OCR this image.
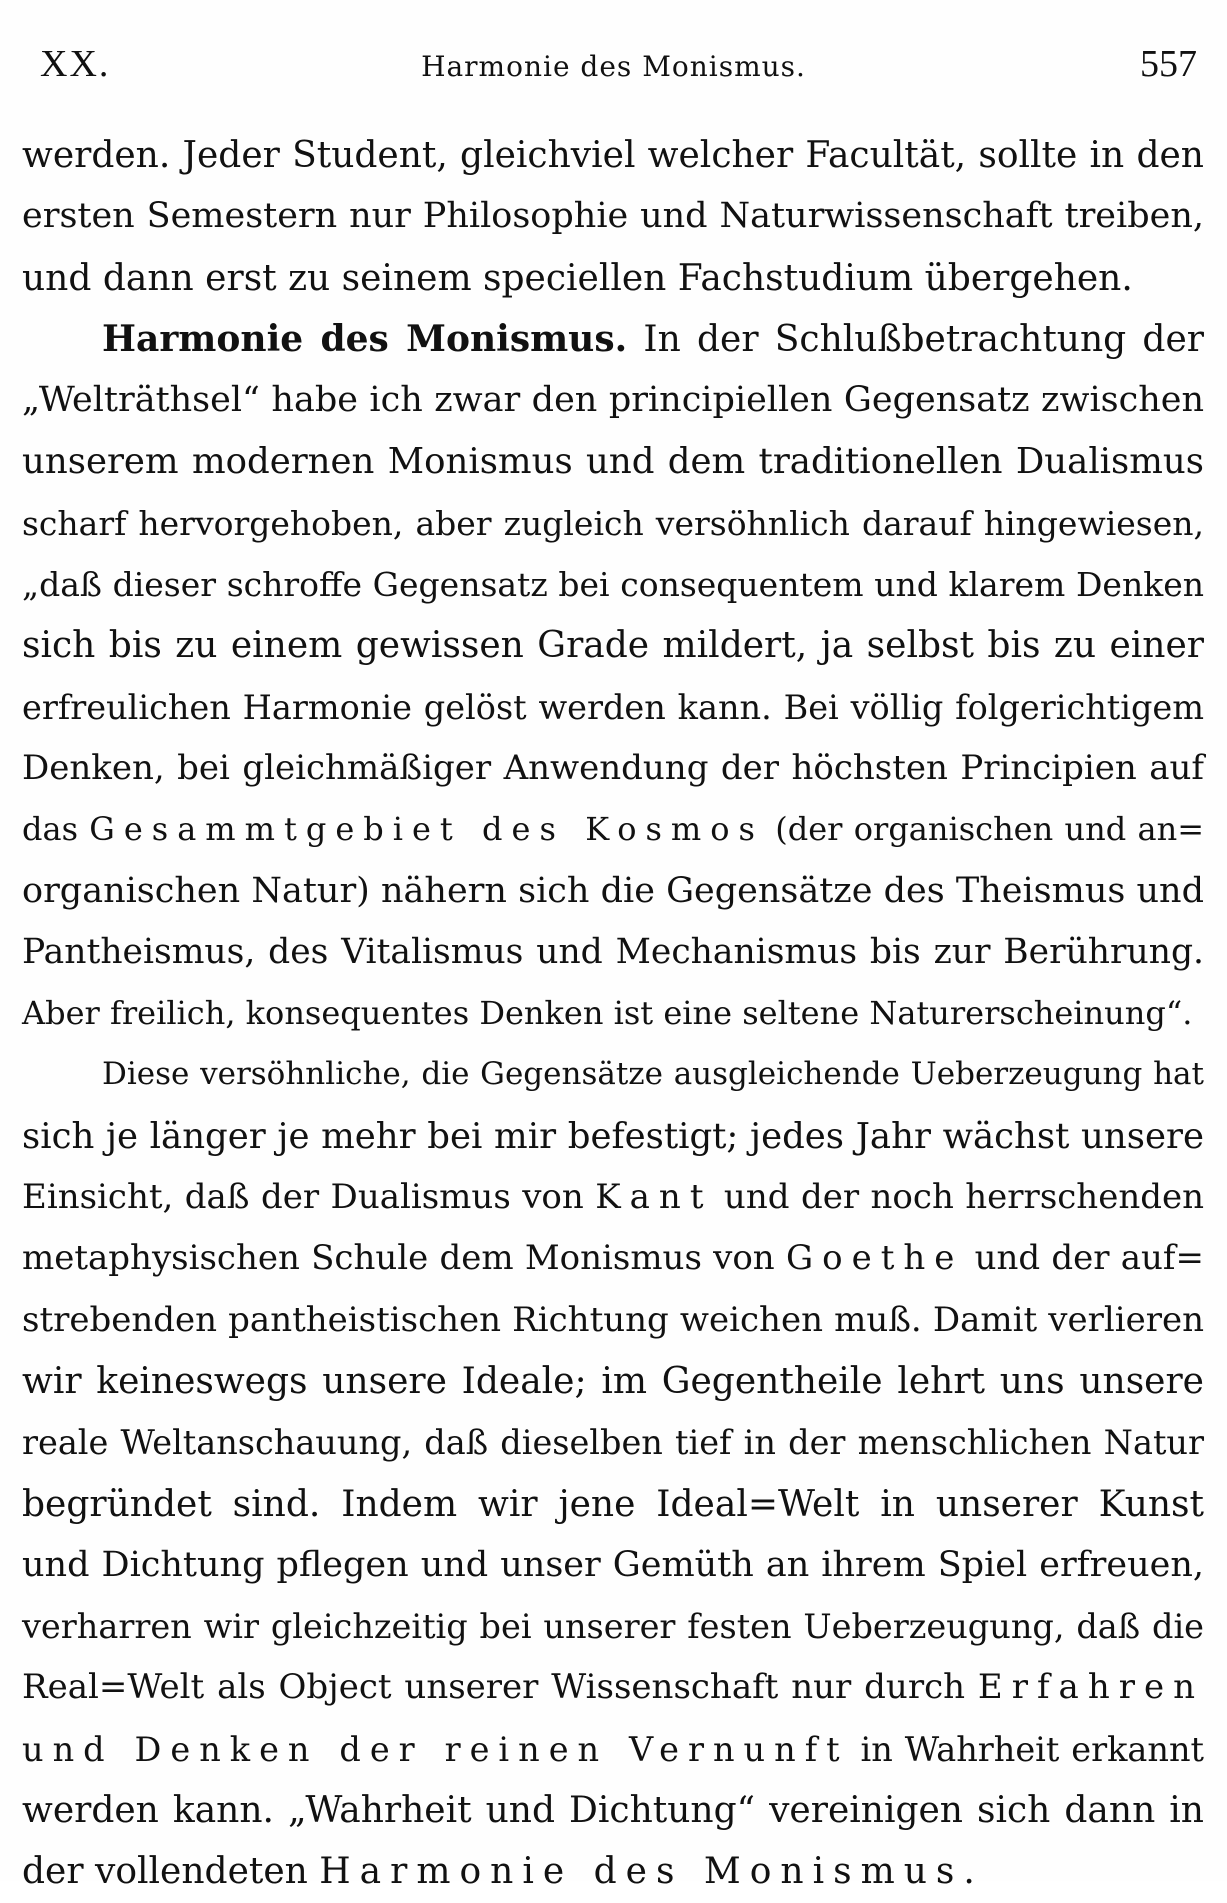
XX.	Harmonie des Monismus.	557
werden. Jeder Student, gleichviel welcher Facultät, sollte in den
ersten Semestern nur Philosophie und Naturwissenschaft treiben,
und dann erst zu seinem speciellen Fachstudium übergehen.
Harmonie des Monismus. In der Schlußbetrachtung der
„Welträthsel“ habe ich zwar den principiellen Gegensatz zwischen
unserem modernen Monismus und dem traditionellen Dualismus
scharf hervorgehoben, aber zugleich versöhnlich darauf hingewiesen,
„daß dieser schroffe Gegensatz bei consequentem und klarem Denken
sich bis zu einem gewissen Grade mildert, ja selbst bis zu einer
erfreulichen Harmonie gelöst werden kann. Bei völlig folgerichtigem
Denken, bei gleichmäßiger Anwendung der höchsten Principien auf
das Gesammtgebiet des Kosmos (der organischen und an=
organischen Natur) nähern sich die Gegensätze des Theismus und
Pantheismus, des Vitalismus und Mechanismus bis zur Berührung.
Aber freilich, konsequentes Denken ist eine seltene Naturerscheinung“.
Diese versöhnliche, die Gegensätze ausgleichende Ueberzeugung hat
sich je länger je mehr bei mir befestigt; jedes Jahr wächst unsere
Einsicht, daß der Dualismus von Kant und der noch herrschenden
metaphysischen Schule dem Monismus von Goethe und der auf=
strebenden pantheistischen Richtung weichen muß. Damit verlieren
wir keineswegs unsere Ideale; im Gegentheile lehrt uns unsere
reale Weltanschauung, daß dieselben tief in der menschlichen Natur
begründet sind. Indem wir jene Ideal=Welt in unserer Kunst
und Dichtung pflegen und unser Gemüth an ihrem Spiel erfreuen,
verharren wir gleichzeitig bei unserer festen Ueberzeugung, daß die
Real=Welt als Object unserer Wissenschaft nur durch Erfahren
und Denken der reinen Vernunft in Wahrheit erkannt
werden kann. „Wahrheit und Dichtung“ vereinigen sich dann in
der vollendeten Harmonie des Monismus.
